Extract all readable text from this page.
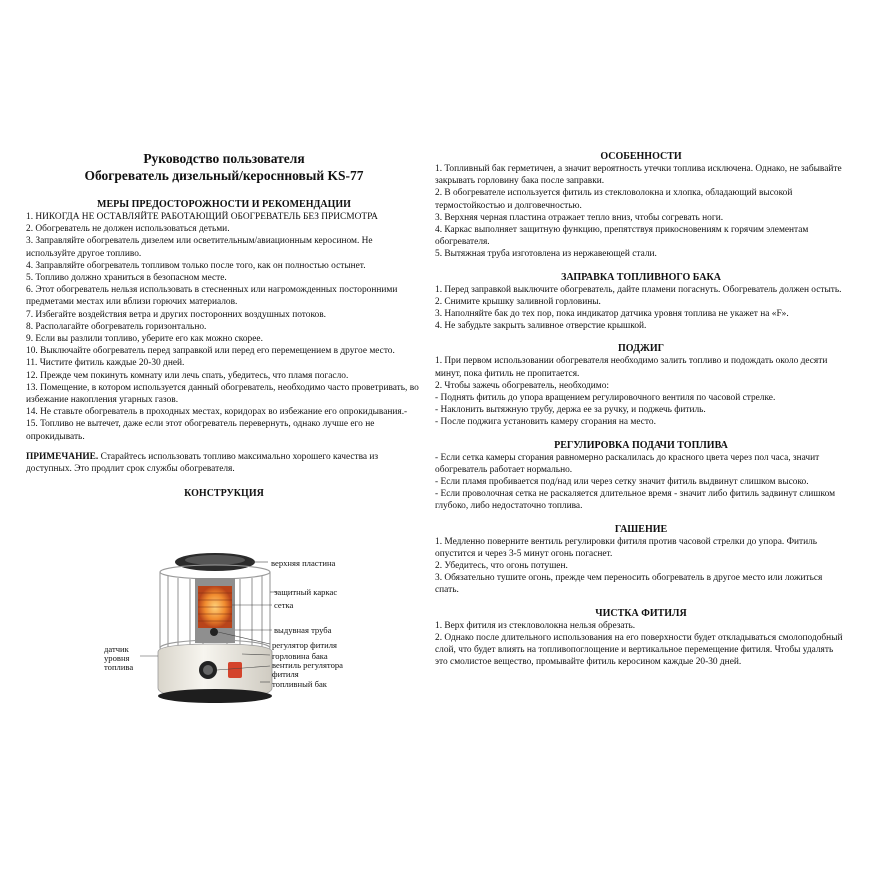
Руководство пользователя
Обогреватель дизельный/кероснновый KS-77
МЕРЫ ПРЕДОСТОРОЖНОСТИ И РЕКОМЕНДАЦИИ
1. НИКОГДА НЕ ОСТАВЛЯЙТЕ РАБОТАЮЩИЙ ОБОГРЕВАТЕЛЬ БЕЗ ПРИСМОТРА
2. Обогреватель не должен использоваться детьми.
3. Заправляйте обогреватель дизелем или осветительным/авиационным керосином. Не используйте другое топливо.
4. Заправляйте обогреватель топливом только после того, как он полностью остынет.
5. Топливо должно храниться в безопасном месте.
6. Этот обогреватель нельзя использовать в стесненных или нагроможденных посторонними предметами местах или вблизи горючих материалов.
7. Избегайте воздействия ветра и других посторонних воздушных потоков.
8. Располагайте обогреватель горизонтально.
9. Если вы разлили топливо, уберите его как можно скорее.
10. Выключайте обогреватель перед заправкой или перед его перемещением в другое место.
11. Чистите фитиль каждые 20-30 дней.
12. Прежде чем покинуть комнату или лечь спать, убедитесь, что пламя погасло.
13. Помещение, в котором используется данный обогреватель, необходимо часто проветривать, во избежание накопления угарных газов.
14. Не ставьте обогреватель в проходных местах, коридорах во избежание его опрокидывания.-
15. Топливо не вытечет, даже если этот обогреватель перевернуть, однако лучше его не опрокидывать.
ПРИМЕЧАНИЕ. Старайтесь использовать топливо максимально хорошего качества из доступных. Это продлит срок службы обогревателя.
КОНСТРУКЦИЯ
верхняя пластина
защитный каркас
сетка
выдувная труба
регулятор фитиля
горловина бака
вентиль регулятора
фитиля
топливный бак
датчик
уровня
топлива
ОСОБЕННОСТИ
1. Топливный бак герметичен, а значит вероятность утечки топлива исключена. Однако, не забывайте закрывать горловину бака после заправки.
2. В обогревателе используется фитиль из стекловолокна и хлопка, обладающий высокой термостойкостью и долговечностью.
3. Верхняя черная пластина отражает тепло вниз, чтобы согревать ноги.
4. Каркас выполняет защитную функцию, препятствуя прикосновениям к горячим элементам обогревателя.
5. Вытяжная труба изготовлена из нержавеющей стали.
ЗАПРАВКА ТОПЛИВНОГО БАКА
1. Перед заправкой выключите обогреватель, дайте пламени погаснуть. Обогреватель должен остыть.
2. Снимите крышку заливной горловины.
3. Наполняйте бак до тех пор, пока индикатор датчика уровня топлива не укажет на «F».
4. Не забудьте закрыть заливное отверстие крышкой.
ПОДЖИГ
1. При первом использовании обогревателя необходимо залить топливо и подождать около десяти минут, пока фитиль не пропитается.
2. Чтобы зажечь обогреватель, необходимо:
- Поднять фитиль до упора вращением регулировочного вентиля по часовой стрелке.
- Наклонить вытяжную трубу, держа ее за ручку, и поджечь фитиль.
- После поджига установить камеру сгорания на место.
РЕГУЛИРОВКА ПОДАЧИ ТОПЛИВА
- Если сетка камеры сгорания равномерно раскалилась до красного цвета через пол часа, значит обогреватель работает нормально.
- Если пламя пробивается под/над или через сетку значит фитиль выдвинут слишком высоко.
- Если проволочная сетка не раскаляется длительное время - значит либо фитиль задвинут слишком глубоко, либо недостаточно топлива.
ГАШЕНИЕ
1. Медленно поверните вентиль регулировки фитиля против часовой стрелки до упора. Фитиль опустится и через 3-5 минут огонь погаснет.
2. Убедитесь, что огонь потушен.
3. Обязательно тушите огонь, прежде чем переносить обогреватель в другое место или ложиться спать.
ЧИСТКА ФИТИЛЯ
1. Верх фитиля из стекловолокна нельзя обрезать.
2. Однако после длительного использования на его поверхности будет откладываться смолоподобный слой, что будет влиять на топливопоглощение и вертикальное перемещение фитиля. Чтобы удалять это смолистое вещество, промывайте фитиль керосином каждые 20-30 дней.
